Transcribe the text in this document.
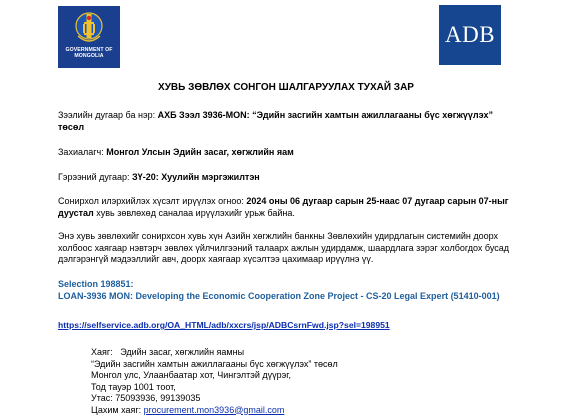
GOVERNMENT OF MONGOLIA
ADB
ХУВЬ ЗӨВЛӨХ СОНГОН ШАЛГАРУУЛАХ ТУХАЙ ЗАР
Зээлийн дугаар ба нэр: АХБ Зээл 3936-MON: “Эдийн засгийн хамтын ажиллагааны бүс хөгжүүлэх” төсөл
Захиалагч: Монгол Улсын Эдийн засаг, хөгжлийн яам
Гэрээний дугаар: ЗҮ-20: Хуулийн мэргэжилтэн
Сонирхол илэрхийлэх хүсэлт ирүүлэх огноо: 2024 оны 06 дугаар сарын 25-наас 07 дугаар сарын 07-ныг дуустал хувь зөвлөхөд саналаа ирүүлэхийг урьж байна.
Энэ хувь зөвлөхийг сонирхсон хувь хүн Азийн хөгжлийн банкны Зөвлөхийн удирдлагын системийн доорх холбоос хаягаар нэвтэрч зөвлөх үйлчилгээний талаарх ажлын удирдамж, шаардлага зэрэг холбогдох бусад дэлгэрэнгүй мэдээллийг авч, доорх хаягаар хүсэлтээ цахимаар ирүүлнэ үү.
Selection 198851:
LOAN-3936 MON: Developing the Economic Cooperation Zone Project - CS-20 Legal Expert (51410-001)
https://selfservice.adb.org/OA_HTML/adb/xxcrs/jsp/ADBCsrnFwd.jsp?sel=198951
Хаяг: Эдийн засаг, хөгжлийн яамны
“Эдийн засгийн хамтын ажиллагааны бүс хөгжүүлэх” төсөл
Монгол улс, Улаанбаатар хот, Чингэлтэй дүүрэг,
Тод тауэр 1001 тоот,
Утас: 75093936, 99139035
Цахим хаяг: procurement.mon3936@gmail.com
